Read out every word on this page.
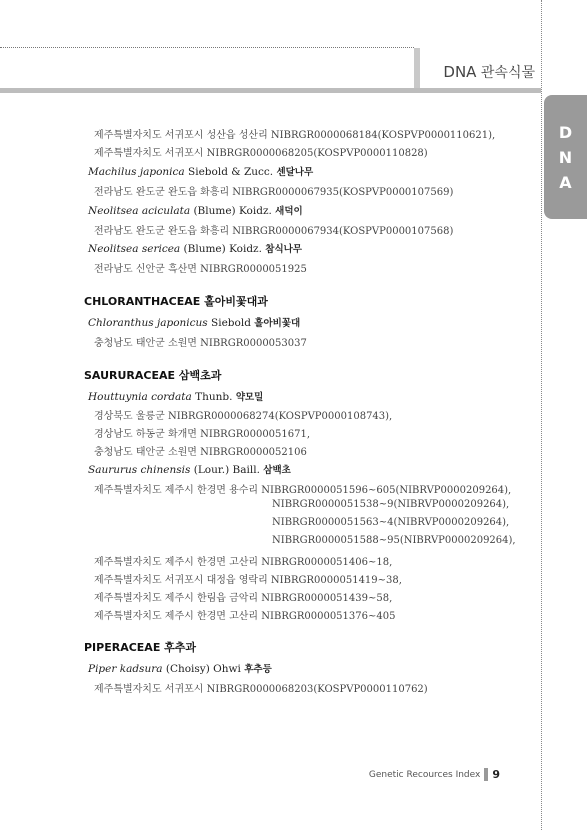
DNA 관속식물
D
N
A
제주특별자치도 서귀포시 성산읍 성산리 NIBRGR0000068184(KOSPVP0000110621),
제주특별자치도 서귀포시 NIBRGR0000068205(KOSPVP0000110828)
Machilus japonica Siebold & Zucc. 센달나무
전라남도 완도군 완도읍 화흥리 NIBRGR0000067935(KOSPVP0000107569)
Neolitsea aciculata (Blume) Koidz. 새덕이
전라남도 완도군 완도읍 화흥리 NIBRGR0000067934(KOSPVP0000107568)
Neolitsea sericea (Blume) Koidz. 참식나무
전라남도 신안군 흑산면 NIBRGR0000051925
CHLORANTHACEAE 홀아비꽃대과
Chloranthus japonicus Siebold 홀아비꽃대
충청남도 태안군 소원면 NIBRGR0000053037
SAURURACEAE 삼백초과
Houttuynia cordata Thunb. 약모밀
경상북도 울릉군 NIBRGR0000068274(KOSPVP0000108743),
경상남도 하동군 화개면 NIBRGR0000051671,
충청남도 태안군 소원면 NIBRGR0000052106
Saururus chinensis (Lour.) Baill. 삼백초
제주특별자치도 제주시 한경면 용수리 NIBRGR0000051596~605(NIBRVP0000209264),
NIBRGR0000051538~9(NIBRVP0000209264),
NIBRGR0000051563~4(NIBRVP0000209264),
NIBRGR0000051588~95(NIBRVP0000209264),
제주특별자치도 제주시 한경면 고산리 NIBRGR0000051406~18,
제주특별자치도 서귀포시 대정읍 영락리 NIBRGR0000051419~38,
제주특별자치도 제주시 한림읍 금악리 NIBRGR0000051439~58,
제주특별자치도 제주시 한경면 고산리 NIBRGR0000051376~405
PIPERACEAE 후추과
Piper kadsura (Choisy) Ohwi 후추등
제주특별자치도 서귀포시 NIBRGR0000068203(KOSPVP0000110762)
Genetic Recources Index 9
